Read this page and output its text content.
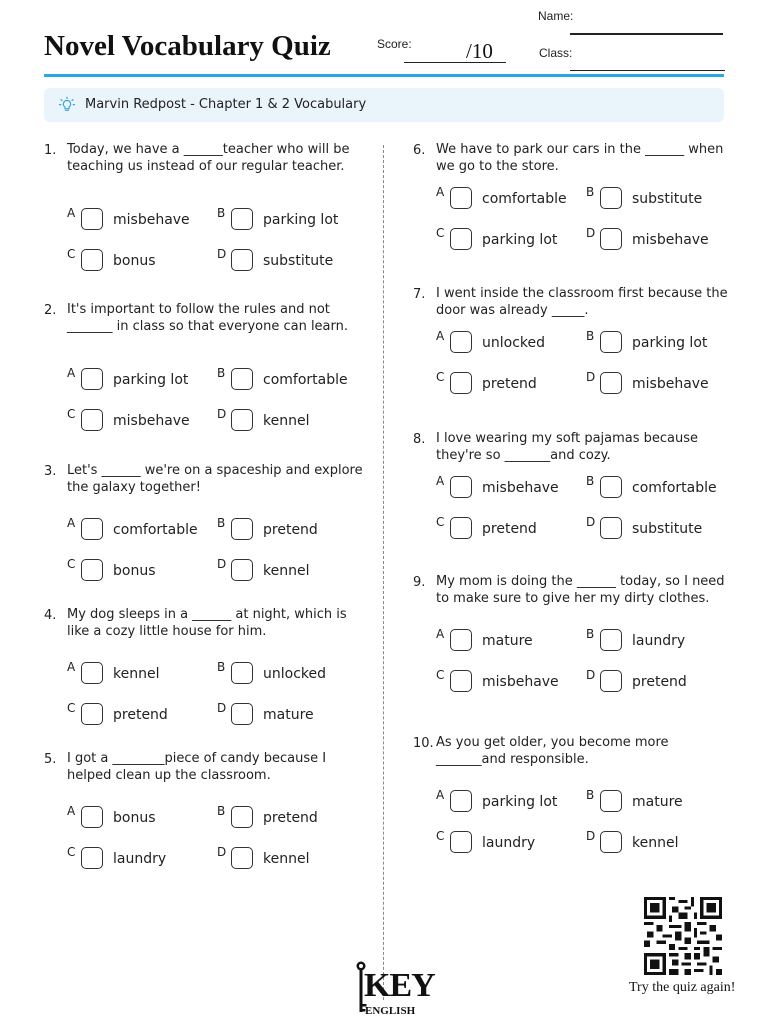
Novel Vocabulary Quiz	Score:	/10
Name:
Class:
Marvin Redpost - Chapter 1 & 2 Vocabulary
1. Today, we have a ______teacher who will be teaching us instead of our regular teacher.
A	misbehave B	parking lot
C	bonus	D	substitute
2. It's important to follow the rules and not _______ in class so that everyone can learn.
A	parking lot B	comfortable
C	misbehave D	kennel
3. Let's ______ we're on a spaceship and explore the galaxy together!
A	comfortable B	pretend
C	bonus	D	kennel
4. My dog sleeps in a ______ at night, which is like a cozy little house for him.
A	kennel	B	unlocked
C	pretend	D	mature
5. I got a ________piece of candy because I helped clean up the classroom.
A	bonus	B	pretend
C	laundry	D	kennel
6. We have to park our cars in the ______ when we go to the store.
A	comfortable B	substitute
C	parking lot D	misbehave
7. I went inside the classroom first because the door was already _____.
A	unlocked	B	parking lot
C	pretend	D	misbehave
8. I love wearing my soft pajamas because they're so _______and cozy.
A	misbehave B	comfortable
C	pretend	D	substitute
9. My mom is doing the ______ today, so I need to make sure to give her my dirty clothes.
A	mature	B	laundry
C	misbehave D	pretend
10. As you get older, you become more _______and responsible.
A	parking lot B	mature
C	laundry	D	kennel
Try the quiz again!
KEY
ENGLISH
